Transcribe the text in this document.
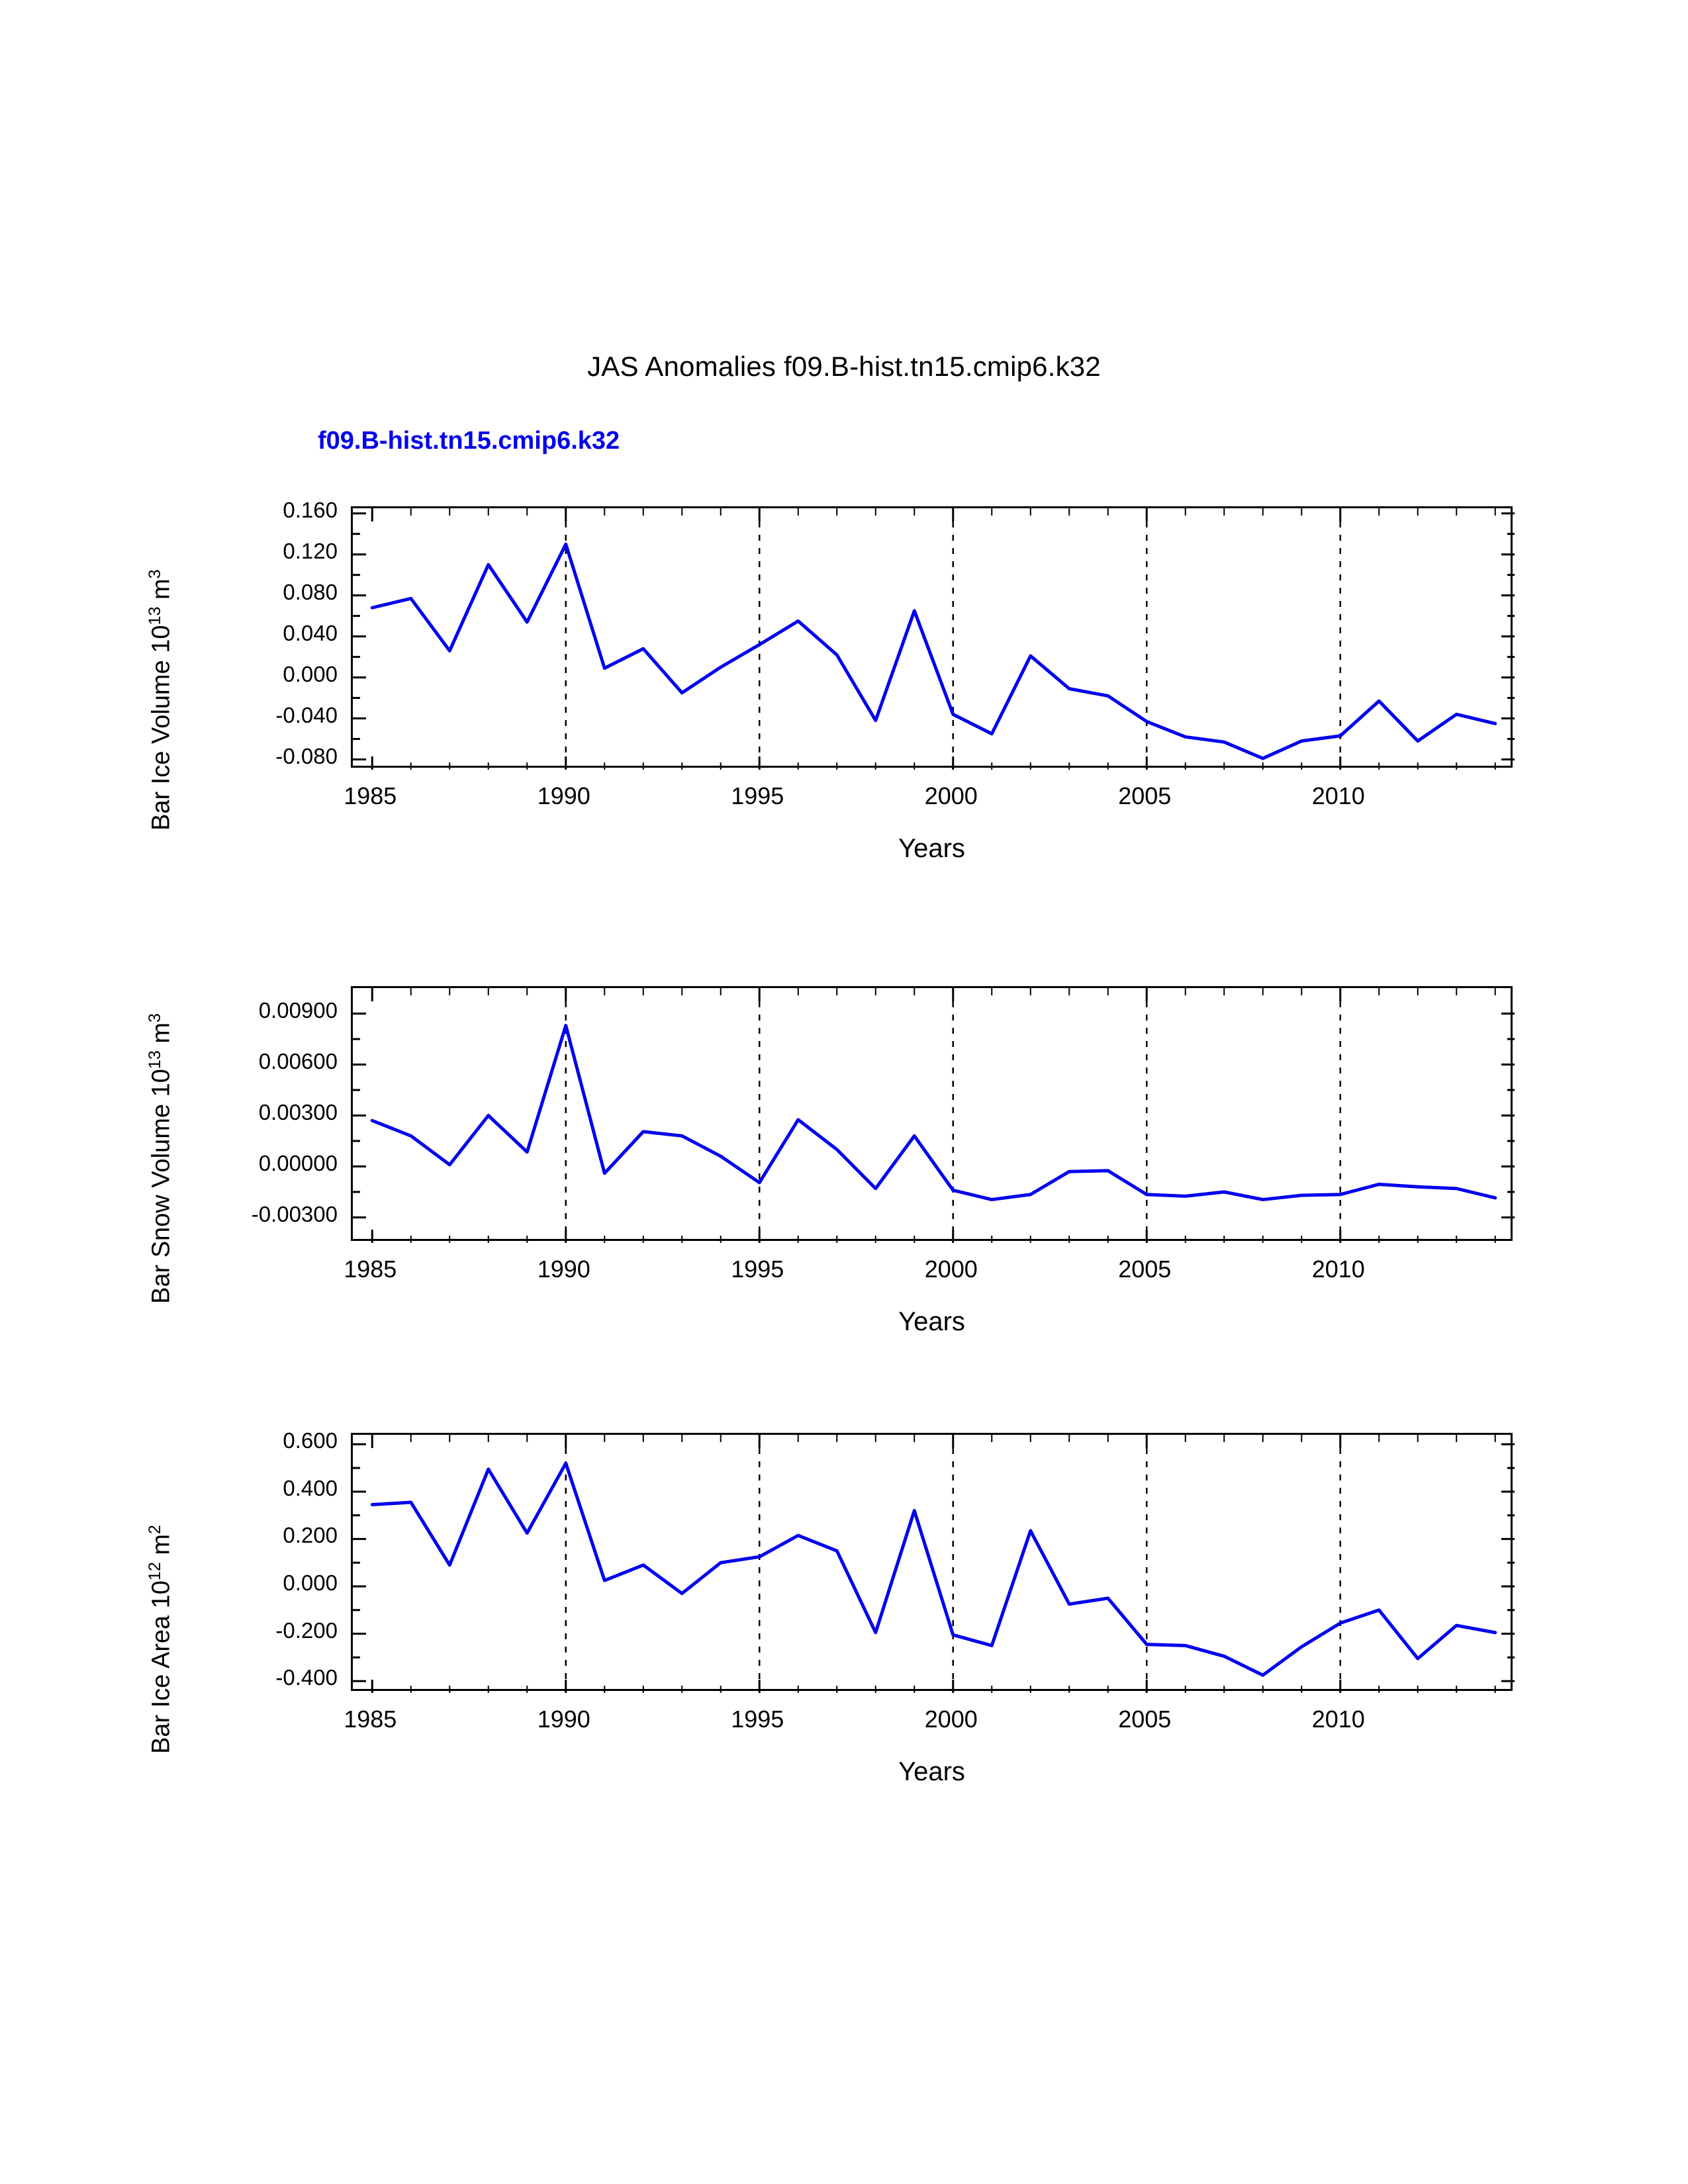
JAS Anomalies f09.B-hist.tn15.cmip6.k32
f09.B-hist.tn15.cmip6.k32
-0.080
-0.040
0.000
0.040
0.080
0.120
0.160
1985	1990	1995	2000	2005	2010
Years
Bar Ice Volume $10^{13}$ $m^3$
-0.00300
0.00000
0.00300
0.00600
0.00900
1985	1990	1995	2000	2005	2010
Years
Bar Snow Volume $10^{13}$ $m^3$
-0.400
-0.200
0.000
0.200
0.400
0.600
1985	1990	1995	2000	2005	2010
Years
Bar Ice Area $10^{12}$ $m^2$
